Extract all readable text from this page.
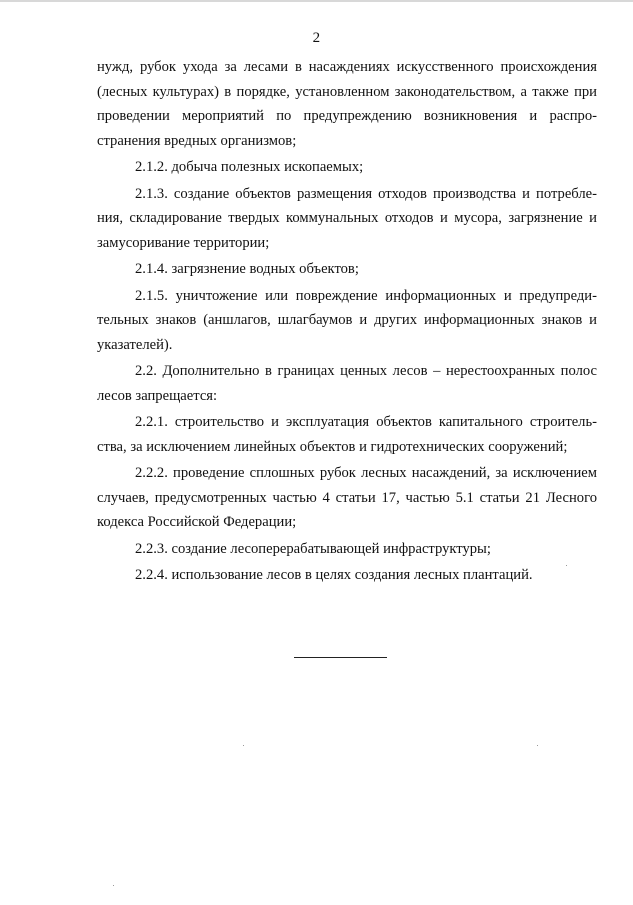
2

нужд, рубок ухода за лесами в насаждениях искусственного происхождения (лесных культурах) в порядке, установленном законодательством, а также при проведении мероприятий по предупреждению возникновения и распространения вредных организмов;

2.1.2. добыча полезных ископаемых;

2.1.3. создание объектов размещения отходов производства и потребления, складирование твердых коммунальных отходов и мусора, загрязнение и замусоривание территории;

2.1.4. загрязнение водных объектов;

2.1.5. уничтожение или повреждение информационных и предупредительных знаков (аншлагов, шлагбаумов и других информационных знаков и указателей).

2.2. Дополнительно в границах ценных лесов – нерестоохранных полос лесов запрещается:

2.2.1. строительство и эксплуатация объектов капитального строительства, за исключением линейных объектов и гидротехнических сооружений;

2.2.2. проведение сплошных рубок лесных насаждений, за исключением случаев, предусмотренных частью 4 статьи 17, частью 5.1 статьи 21 Лесного кодекса Российской Федерации;

2.2.3. создание лесоперерабатывающей инфраструктуры;

2.2.4. использование лесов в целях создания лесных плантаций.
